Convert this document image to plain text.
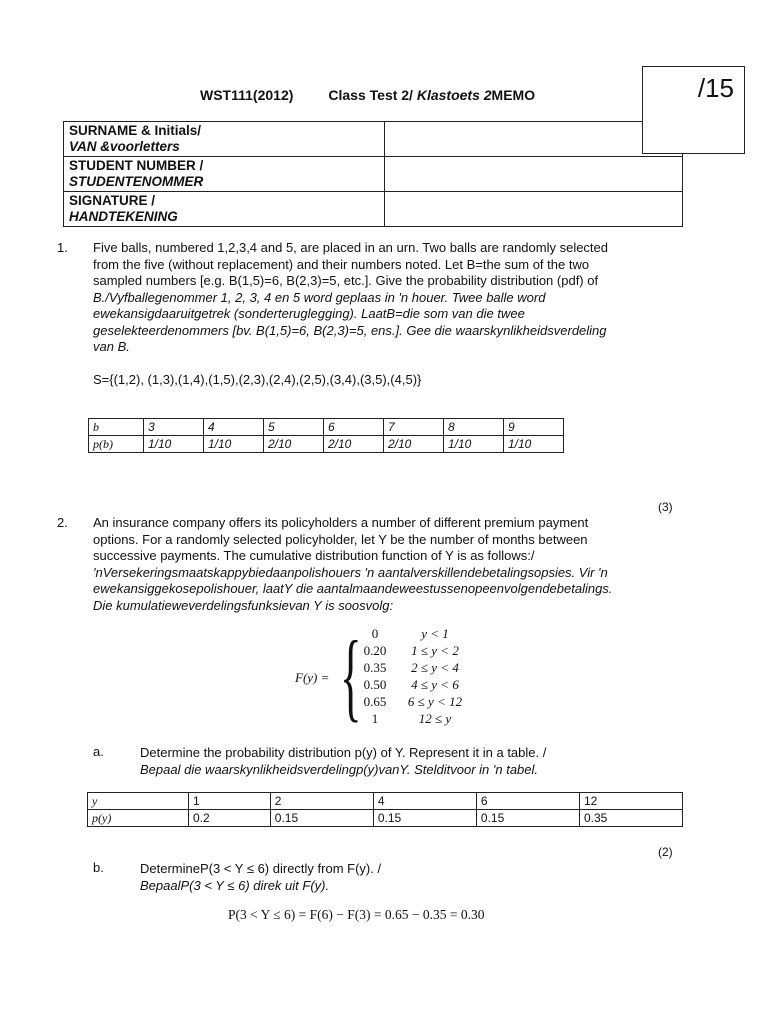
WST111(2012)	Class Test 2/ Klastoets 2MEMO
SURNAME & Initials/
VAN &voorletters	

STUDENT NUMBER /
STUDENTENOMMER	

SIGNATURE /
HANDTEKENING	

/15
1. Five balls, numbered 1,2,3,4 and 5, are placed in an urn. Two balls are randomly selected
from the five (without replacement) and their numbers noted. Let B=the sum of the two
sampled numbers [e.g. B(1,5)=6, B(2,3)=5, etc.]. Give the probability distribution (pdf) of
B./Vyfballegenommer 1, 2, 3, 4 en 5 word geplaas in 'n houer. Twee balle word
ewekansigdaaruitgetrek (sonderteruglegging). LaatB=die som van die twee
geselekteerdenommers [bv. B(1,5)=6, B(2,3)=5, ens.]. Gee die waarskynlikheidsverdeling
van B.
S={(1,2), (1,3),(1,4),(1,5),(2,3),(2,4),(2,5),(3,4),(3,5),(4,5)}
b	3	4	5	6	7	8	9
p(b)	1/10	1/10	2/10	2/10	2/10	1/10	1/10
(3)
2. An insurance company offers its policyholders a number of different premium payment
options. For a randomly selected policyholder, let Y be the number of months between
successive payments. The cumulative distribution function of Y is as follows:/
'nVersekeringsmaatskappybiedaanpolishouers 'n aantalverskillendebetalingsopsies. Vir 'n
ewekansiggekosepolishouer, laatY die aantalmaandeweestussenopeenvolgendebetalings.
Die kumulatieweverdelingsfunksievan Y is soosvolg:
F(y) = { 0	y < 1
0.20 1 ≤ y < 2
0.35 2 ≤ y < 4
0.50 4 ≤ y < 6
0.65 6 ≤ y < 12
1	12 ≤ y
a.	Determine the probability distribution p(y) of Y. Represent it in a table. /
Bepaal die waarskynlikheidsverdelingp(y)vanY. Stelditvoor in 'n tabel.
y	1	2	4	6	12
p(y)	0.2	0.15	0.15	0.15	0.35
(2)
b.	DetermineP(3 < Y ≤ 6) directly from F(y). /
BepaalP(3 < Y ≤ 6) direk uit F(y).
P(3 < Y ≤ 6) = F(6) − F(3) = 0.65 − 0.35 = 0.30
